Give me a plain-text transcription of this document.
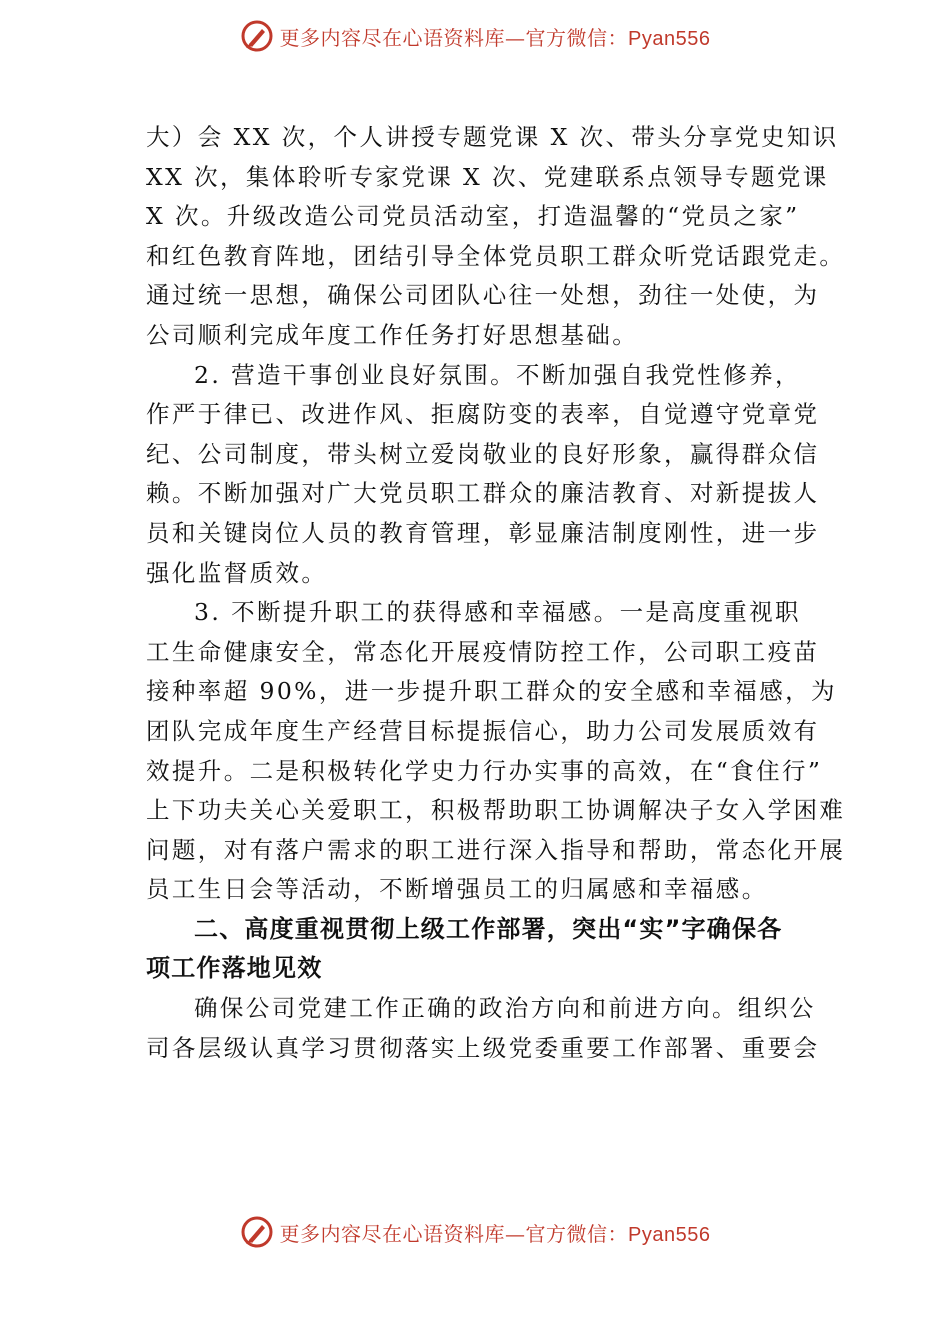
更多内容尽在心语资料库—官方微信：Pyan556
大）会 XX 次，个人讲授专题党课 X 次、带头分享党史知识
XX 次，集体聆听专家党课 X 次、党建联系点领导专题党课
X 次。升级改造公司党员活动室，打造温馨的“党员之家”
和红色教育阵地，团结引导全体党员职工群众听党话跟党走。
通过统一思想，确保公司团队心往一处想，劲往一处使，为
公司顺利完成年度工作任务打好思想基础。
2. 营造干事创业良好氛围。不断加强自我党性修养，
作严于律已、改进作风、拒腐防变的表率，自觉遵守党章党
纪、公司制度，带头树立爱岗敬业的良好形象，赢得群众信
赖。不断加强对广大党员职工群众的廉洁教育、对新提拔人
员和关键岗位人员的教育管理，彰显廉洁制度刚性，进一步
强化监督质效。
3. 不断提升职工的获得感和幸福感。一是高度重视职
工生命健康安全，常态化开展疫情防控工作，公司职工疫苗
接种率超 90%，进一步提升职工群众的安全感和幸福感，为
团队完成年度生产经营目标提振信心，助力公司发展质效有
效提升。二是积极转化学史力行办实事的高效，在“食住行”
上下功夫关心关爱职工，积极帮助职工协调解决子女入学困难
问题，对有落户需求的职工进行深入指导和帮助，常态化开展
员工生日会等活动，不断增强员工的归属感和幸福感。
二、高度重视贯彻上级工作部署，突出“实”字确保各
项工作落地见效
确保公司党建工作正确的政治方向和前进方向。组织公
司各层级认真学习贯彻落实上级党委重要工作部署、重要会
更多内容尽在心语资料库—官方微信：Pyan556
